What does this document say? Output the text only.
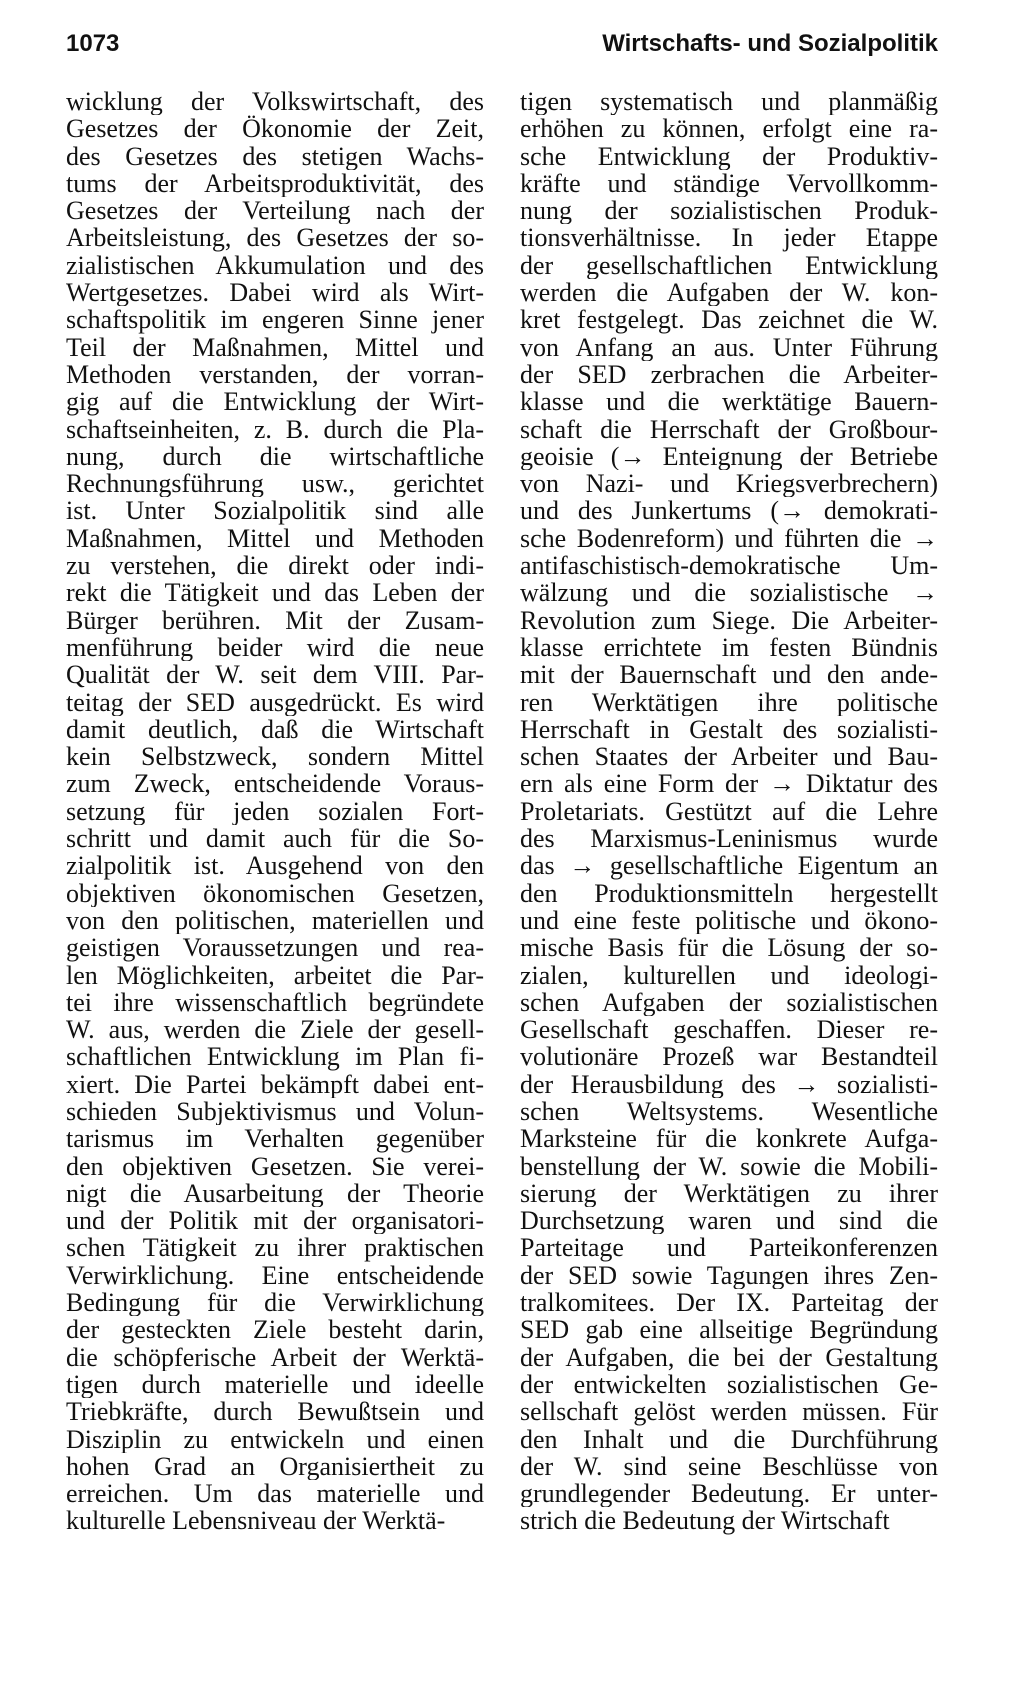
1073	Wirtschafts- und Sozialpolitik
wicklung der Volkswirtschaft, des
Gesetzes der Ökonomie der Zeit,
des Gesetzes des stetigen Wachs-
tums der Arbeitsproduktivität, des
Gesetzes der Verteilung nach der
Arbeitsleistung, des Gesetzes der so-
zialistischen Akkumulation und des
Wertgesetzes. Dabei wird als Wirt-
schaftspolitik im engeren Sinne jener
Teil der Maßnahmen, Mittel und
Methoden verstanden, der vorran-
gig auf die Entwicklung der Wirt-
schaftseinheiten, z. B. durch die Pla-
nung, durch die wirtschaftliche
Rechnungsführung usw., gerichtet
ist. Unter Sozialpolitik sind alle
Maßnahmen, Mittel und Methoden
zu verstehen, die direkt oder indi-
rekt die Tätigkeit und das Leben der
Bürger berühren. Mit der Zusam-
menführung beider wird die neue
Qualität der W. seit dem VIII. Par-
teitag der SED ausgedrückt. Es wird
damit deutlich, daß die Wirtschaft
kein Selbstzweck, sondern Mittel
zum Zweck, entscheidende Voraus-
setzung für jeden sozialen Fort-
schritt und damit auch für die So-
zialpolitik ist. Ausgehend von den
objektiven ökonomischen Gesetzen,
von den politischen, materiellen und
geistigen Voraussetzungen und rea-
len Möglichkeiten, arbeitet die Par-
tei ihre wissenschaftlich begründete
W. aus, werden die Ziele der gesell-
schaftlichen Entwicklung im Plan fi-
xiert. Die Partei bekämpft dabei ent-
schieden Subjektivismus und Volun-
tarismus im Verhalten gegenüber
den objektiven Gesetzen. Sie verei-
nigt die Ausarbeitung der Theorie
und der Politik mit der organisatori-
schen Tätigkeit zu ihrer praktischen
Verwirklichung. Eine entscheidende
Bedingung für die Verwirklichung
der gesteckten Ziele besteht darin,
die schöpferische Arbeit der Werktä-
tigen durch materielle und ideelle
Triebkräfte, durch Bewußtsein und
Disziplin zu entwickeln und einen
hohen Grad an Organisiertheit zu
erreichen. Um das materielle und
kulturelle Lebensniveau der Werktä-
tigen systematisch und planmäßig
erhöhen zu können, erfolgt eine ra-
sche Entwicklung der Produktiv-
kräfte und ständige Vervollkomm-
nung der sozialistischen Produk-
tionsverhältnisse. In jeder Etappe
der gesellschaftlichen Entwicklung
werden die Aufgaben der W. kon-
kret festgelegt. Das zeichnet die W.
von Anfang an aus. Unter Führung
der SED zerbrachen die Arbeiter-
klasse und die werktätige Bauern-
schaft die Herrschaft der Großbour-
geoisie (→ Enteignung der Betriebe
von Nazi- und Kriegsverbrechern)
und des Junkertums (→ demokrati-
sche Bodenreform) und führten die →
antifaschistisch-demokratische Um-
wälzung und die sozialistische →
Revolution zum Siege. Die Arbeiter-
klasse errichtete im festen Bündnis
mit der Bauernschaft und den ande-
ren Werktätigen ihre politische
Herrschaft in Gestalt des sozialisti-
schen Staates der Arbeiter und Bau-
ern als eine Form der → Diktatur des
Proletariats. Gestützt auf die Lehre
des Marxismus-Leninismus wurde
das → gesellschaftliche Eigentum an
den Produktionsmitteln hergestellt
und eine feste politische und ökono-
mische Basis für die Lösung der so-
zialen, kulturellen und ideologi-
schen Aufgaben der sozialistischen
Gesellschaft geschaffen. Dieser re-
volutionäre Prozeß war Bestandteil
der Herausbildung des → sozialisti-
schen Weltsystems. Wesentliche
Marksteine für die konkrete Aufga-
benstellung der W. sowie die Mobili-
sierung der Werktätigen zu ihrer
Durchsetzung waren und sind die
Parteitage und Parteikonferenzen
der SED sowie Tagungen ihres Zen-
tralkomitees. Der IX. Parteitag der
SED gab eine allseitige Begründung
der Aufgaben, die bei der Gestaltung
der entwickelten sozialistischen Ge-
sellschaft gelöst werden müssen. Für
den Inhalt und die Durchführung
der W. sind seine Beschlüsse von
grundlegender Bedeutung. Er unter-
strich die Bedeutung der Wirtschaft
